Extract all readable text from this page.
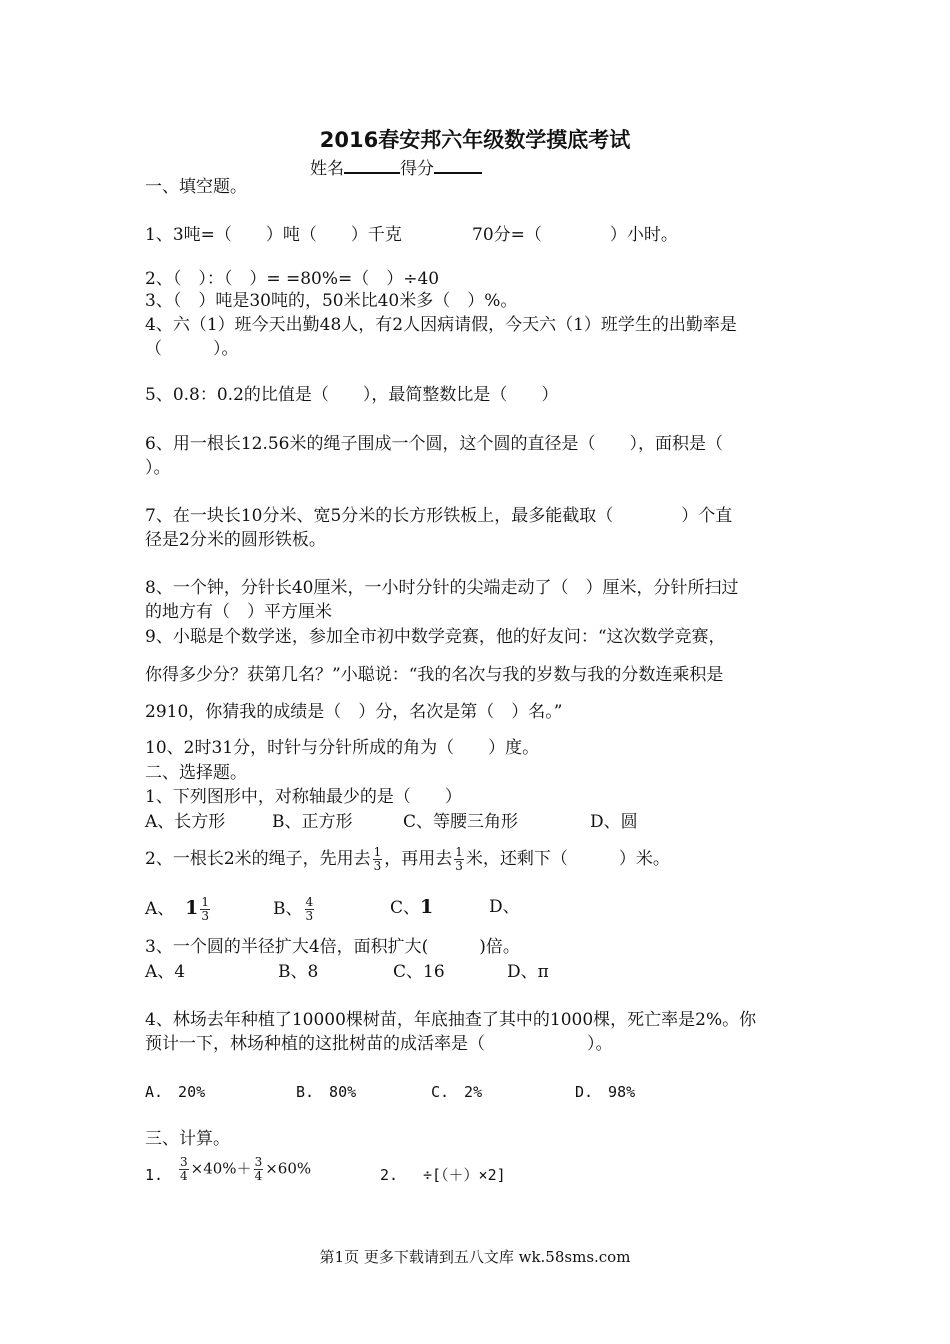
2016春安邦六年级数学摸底考试
姓名	得分
一、填空题。
1、3吨=（　　）吨（　　）千克	70分=（　　　　）小时。
2、（　）：（　）= =80%=（　）÷40
3、（　）吨是30吨的，50米比40米多（　）%。
4、六（1）班今天出勤48人，有2人因病请假，今天六（1）班学生的出勤率是
（　　　）。
5、0.8：0.2的比值是（　　），最简整数比是（　　）
6、用一根长12.56米的绳子围成一个圆，这个圆的直径是（　　），面积是（
）。
7、在一块长10分米、宽5分米的长方形铁板上，最多能截取（　　　　）个直
径是2分米的圆形铁板。
8、一个钟，分针长40厘米，一小时分针的尖端走动了（　）厘米，分针所扫过
的地方有（　）平方厘米
9、小聪是个数学迷，参加全市初中数学竞赛，他的好友问：“这次数学竞赛，
你得多少分？获第几名？”小聪说：“我的名次与我的岁数与我的分数连乘积是
2910，你猜我的成绩是（　）分，名次是第（　）名。”
10、2时31分，时针与分针所成的角为（　　）度。
二、选择题。
1、下列图形中，对称轴最少的是（　　）
A、长方形	B、正方形	C、等腰三角形	D、圆
2、一根长2米的绳子，先用去 $\frac{1}{3}$ ，再用去 $\frac{1}{3}$ 米，还剩下（　　　）米。
A、 $1 \frac{1}{3}$	B、 $\frac{4}{3}$	C、1	D、
3、一个圆的半径扩大4倍，面积扩大(　　　)倍。
A、4	B、8	C、16	D、π
4、林场去年种植了10000棵树苗，年底抽查了其中的1000棵，死亡率是2%。你
预计一下，林场种植的这批树苗的成活率是（　　　　　　）。
A.　20%	B.　80%	C.　2%	D.　98%
三、计算。
1. $\frac{3}{4} \times 40\%+ \frac{3}{4} \times 60\%$	2. ÷[（＋）×2]
第1页 更多下载请到五八文库 wk.58sms.com
